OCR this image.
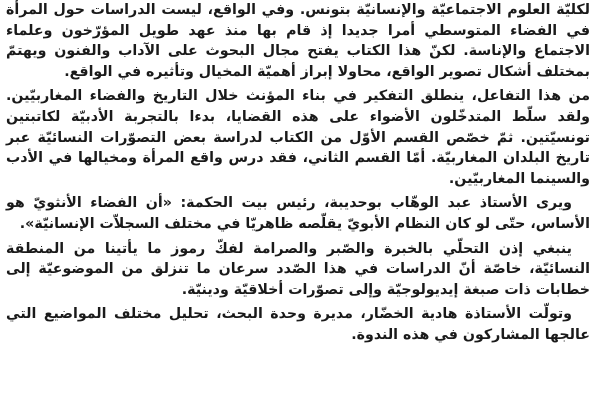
لكليّة العلوم الاجتماعيّة والإنسانيّة بتونس. وفي الواقع، ليست الدراسات حول المرأة في الفضاء المتوسطي أمرا جديدا إذ قام بها منذ عهد طويل المؤرّخون وعلماء الاجتماع والإناسة. لكنّ هذا الكتاب يفتح مجال البحوث على الآداب والفنون ويهتمّ بمختلف أشكال تصوير الواقع، محاولا إبراز أهميّة المخيال وتأثيره في الواقع.

من هذا التفاعل، ينطلق التفكير في بناء المؤنث خلال التاريخ والفضاء المغاربيّين. ولقد سلّط المتدخّلون الأضواء على هذه القضايا، بدءا بالتجربة الأدبيّة لكاتبتين تونسيّتين. ثمّ خصّص القسم الأوّل من الكتاب لدراسة بعض التصوّرات النسائيّة عبر تاريخ البلدان المغاربيّة. أمّا القسم الثاني، فقد درس واقع المرأة ومخيالها في الأدب والسينما المغاربيّين.

ويرى الأستاذ عبد الوهّاب بوحديبة، رئيس بيت الحكمة: «أن الفضاء الأنثويّ هو الأساس، حتّى لو كان النظام الأبويّ يقلّصه ظاهريّا في مختلف السجلاّت الإنسانيّة».

ينبغي إذن التحلّي بالخبرة والصّبر والصرامة لفكّ رموز ما يأتينا من المنطقة النسائيّة، خاصّة أنّ الدراسات في هذا الصّدد سرعان ما تنزلق من الموضوعيّة إلى خطابات ذات صبغة إيديولوجيّة وإلى تصوّرات أخلاقيّة ودينيّة.

وتولّت الأستاذة هادية الخضّار، مديرة وحدة البحث، تحليل مختلف المواضيع التي عالجها المشاركون في هذه الندوة.
